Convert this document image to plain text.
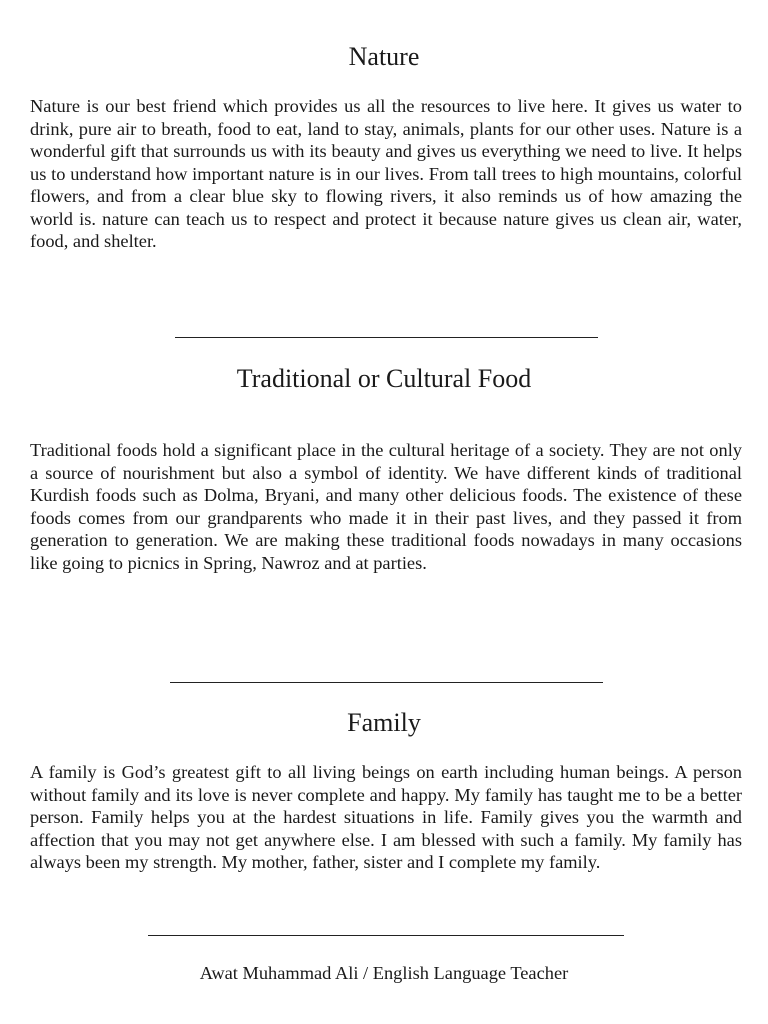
Nature

Nature is our best friend which provides us all the resources to live here. It gives us water to drink, pure air to breath, food to eat, land to stay, animals, plants for our other uses. Nature is a wonderful gift that surrounds us with its beauty and gives us everything we need to live. It helps us to understand how important nature is in our lives. From tall trees to high mountains, colorful flowers, and from a clear blue sky to flowing rivers, it also reminds us of how amazing the world is. nature can teach us to respect and protect it because nature gives us clean air, water, food, and shelter.

Traditional or Cultural Food

Traditional foods hold a significant place in the cultural heritage of a society. They are not only a source of nourishment but also a symbol of identity. We have different kinds of traditional Kurdish foods such as Dolma, Bryani, and many other delicious foods. The existence of these foods comes from our grandparents who made it in their past lives, and they passed it from generation to generation. We are making these traditional foods nowadays in many occasions like going to picnics in Spring, Nawroz and at parties.

Family

A family is God’s greatest gift to all living beings on earth including human beings. A person without family and its love is never complete and happy. My family has taught me to be a better person. Family helps you at the hardest situations in life. Family gives you the warmth and affection that you may not get anywhere else. I am blessed with such a family. My family has always been my strength. My mother, father, sister and I complete my family.

Awat Muhammad Ali / English Language Teacher
